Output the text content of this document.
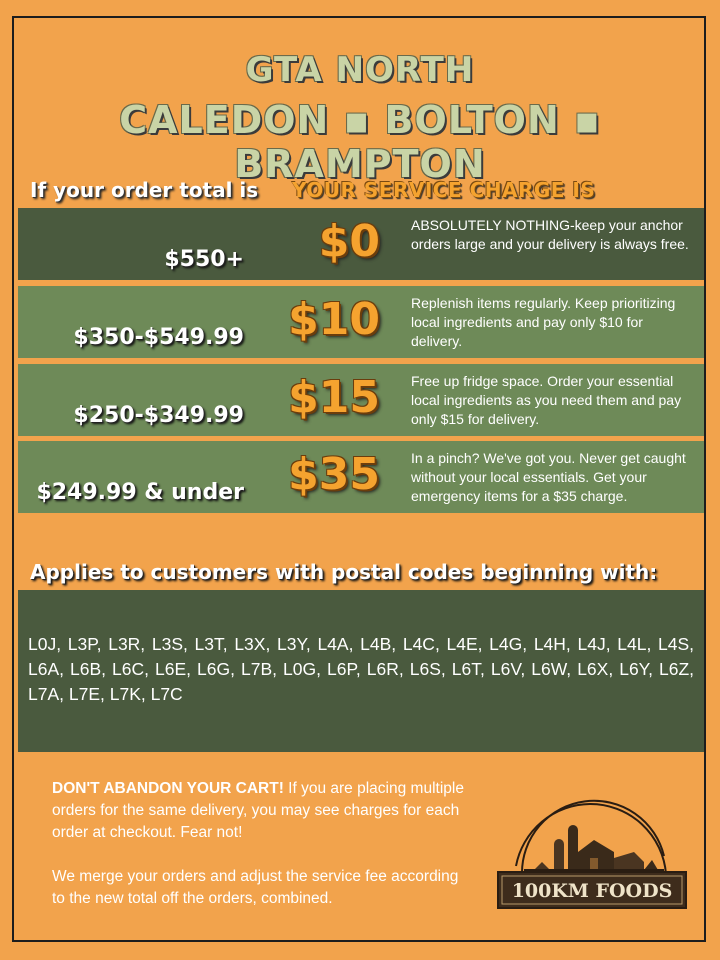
GTA NORTH
CALEDON ▪ BOLTON ▪ BRAMPTON
If your order total is YOUR SERVICE CHARGE IS
$550+	$0 ABSOLUTELY NOTHING-keep your anchor orders large and your delivery is always free.
$350-$549.99 $10 Replenish items regularly. Keep prioritizing local ingredients and pay only $10 for delivery.
$250-$349.99 $15 Free up fridge space. Order your essential local ingredients as you need them and pay only $15 for delivery.
$249.99 & under $35 In a pinch? We've got you. Never get caught without your local essentials. Get your emergency items for a $35 charge.
Applies to customers with postal codes beginning with:
L0J, L3P, L3R, L3S, L3T, L3X, L3Y, L4A, L4B, L4C, L4E, L4G, L4H, L4J, L4L, L4S, L6A, L6B, L6C, L6E, L6G, L7B, L0G, L6P, L6R, L6S, L6T, L6V, L6W, L6X, L6Y, L6Z, L7A, L7E, L7K, L7C

DON'T ABANDON YOUR CART! If you are placing multiple orders for the same delivery, you may see charges for each order at checkout. Fear not!

We merge your orders and adjust the service fee according to the new total off the orders, combined.	100KM FOODS
